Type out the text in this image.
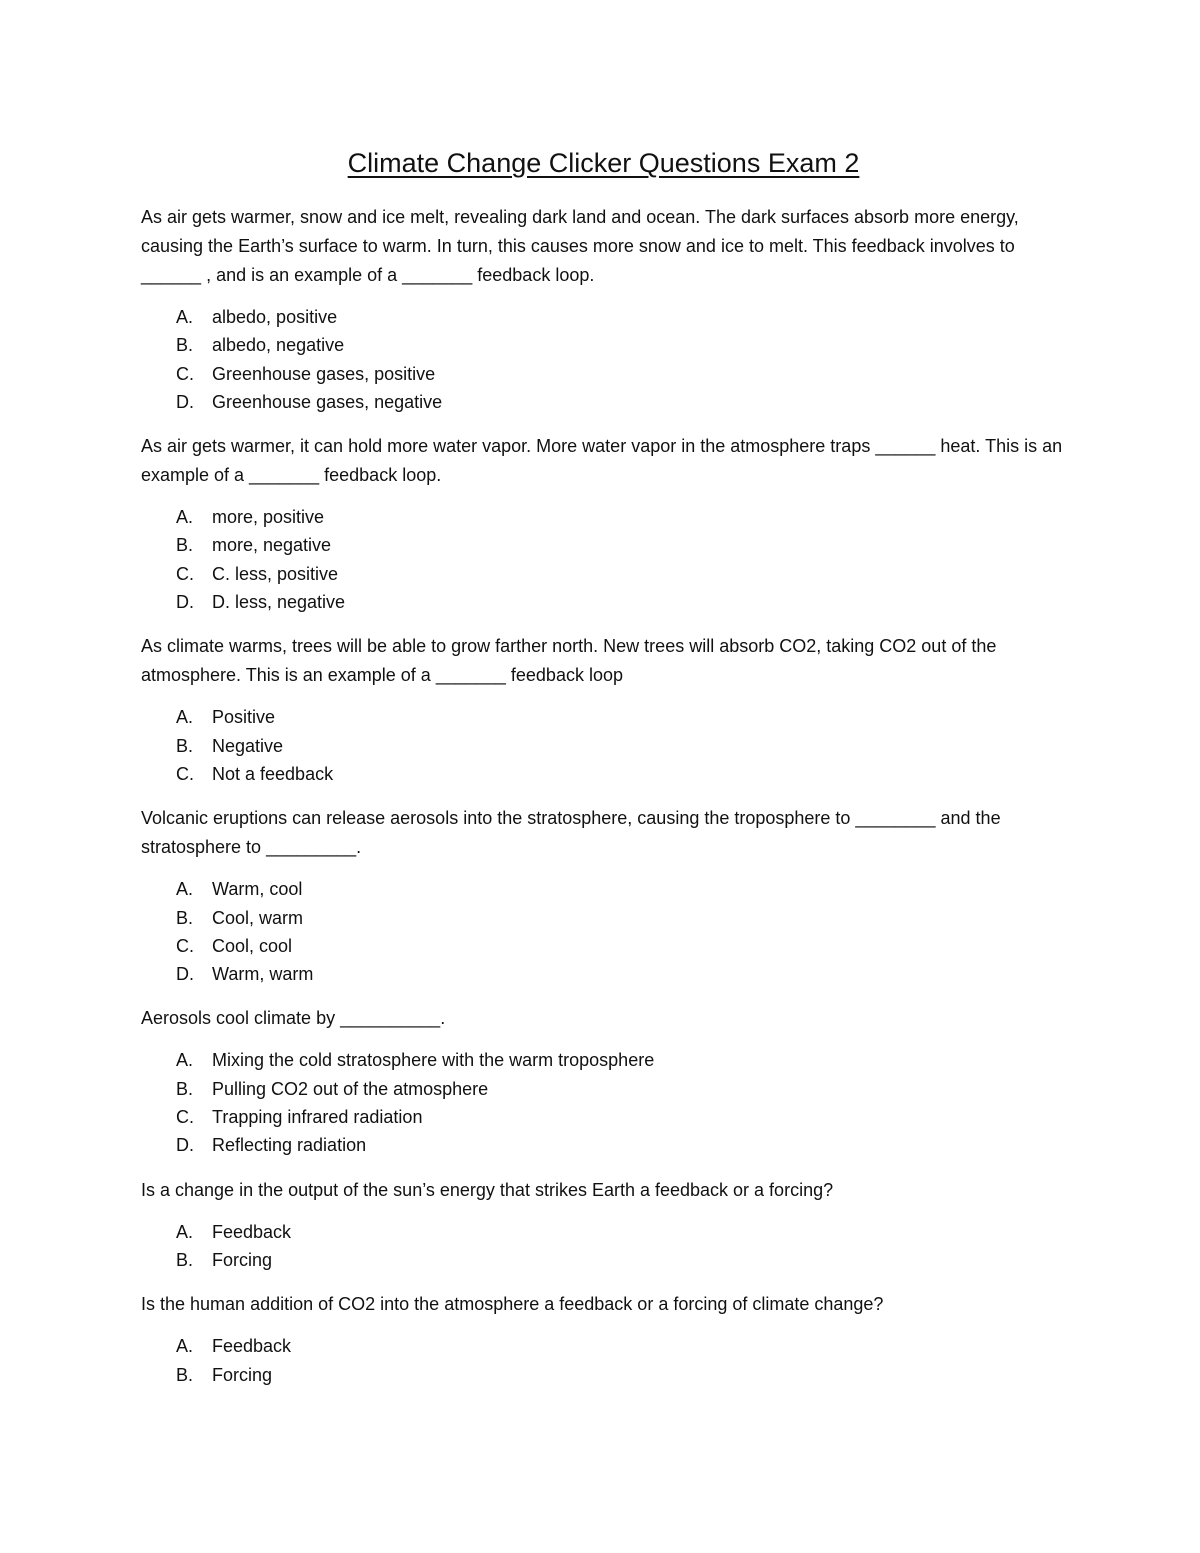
Climate Change Clicker Questions Exam 2

As air gets warmer, snow and ice melt, revealing dark land and ocean. The dark surfaces absorb more energy, causing the Earth’s surface to warm. In turn, this causes more snow and ice to melt. This feedback involves to ______ , and is an example of a _______ feedback loop.

A.	albedo, positive
B.	albedo, negative
C.	Greenhouse gases, positive
D.	Greenhouse gases, negative

As air gets warmer, it can hold more water vapor. More water vapor in the atmosphere traps ______ heat. This is an example of a _______ feedback loop.

A.	more, positive
B.	more, negative
C.	C. less, positive
D.	D. less, negative

As climate warms, trees will be able to grow farther north. New trees will absorb CO2, taking CO2 out of the atmosphere. This is an example of a _______ feedback loop

A.	Positive
B.	Negative
C.	Not a feedback

Volcanic eruptions can release aerosols into the stratosphere, causing the troposphere to ________ and the stratosphere to _________.

A.	Warm, cool
B.	Cool, warm
C.	Cool, cool
D.	Warm, warm

Aerosols cool climate by __________.

A.	Mixing the cold stratosphere with the warm troposphere
B.	Pulling CO2 out of the atmosphere
C.	Trapping infrared radiation
D.	Reflecting radiation

Is a change in the output of the sun’s energy that strikes Earth a feedback or a forcing?

A.	Feedback
B.	Forcing

Is the human addition of CO2 into the atmosphere a feedback or a forcing of climate change?

A.	Feedback
B.	Forcing
